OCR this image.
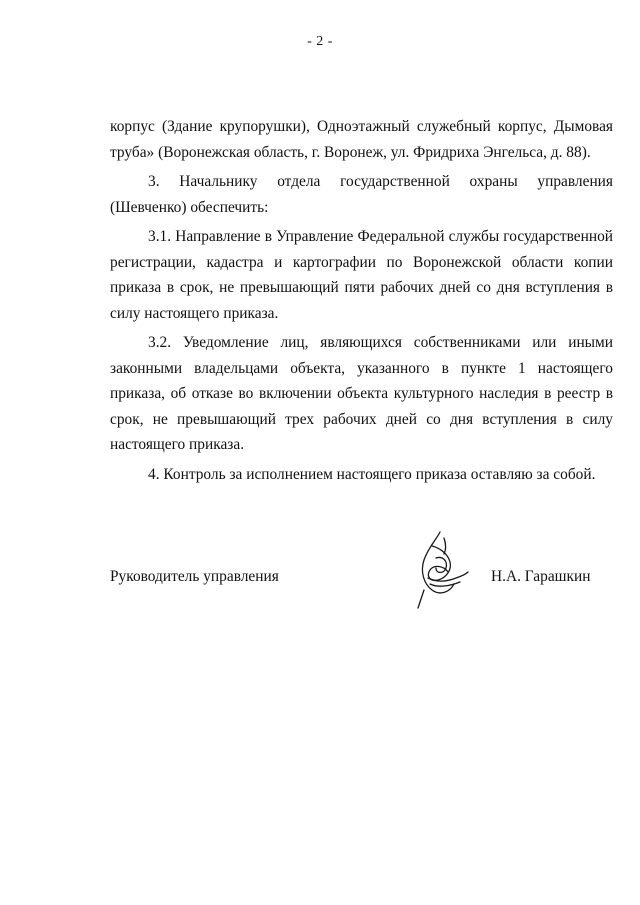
- 2 -

корпус (Здание крупорушки), Одноэтажный служебный корпус, Дымовая труба» (Воронежская область, г. Воронеж, ул. Фридриха Энгельса, д. 88).

3. Начальнику отдела государственной охраны управления (Шевченко) обеспечить:

3.1. Направление в Управление Федеральной службы государственной регистрации, кадастра и картографии по Воронежской области копии приказа в срок, не превышающий пяти рабочих дней со дня вступления в силу настоящего приказа.

3.2. Уведомление лиц, являющихся собственниками или иными законными владельцами объекта, указанного в пункте 1 настоящего приказа, об отказе во включении объекта культурного наследия в реестр в срок, не превышающий трех рабочих дней со дня вступления в силу настоящего приказа.

4. Контроль за исполнением настоящего приказа оставляю за собой.

Руководитель управления	Н.А. Гарашкин
